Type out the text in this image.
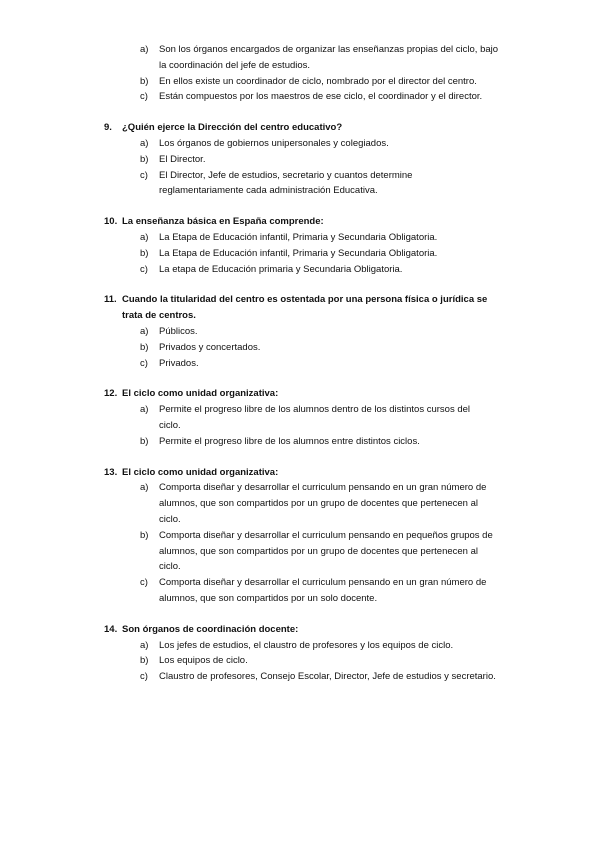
a)	Son los órganos encargados de organizar las enseñanzas propias del ciclo, bajo
la coordinación del jefe de estudios.
b)	En ellos existe un coordinador de ciclo, nombrado por el director del centro.
c)	Están compuestos por los maestros de ese ciclo, el coordinador y el director.
9. ¿Quién ejerce la Dirección del centro educativo?
a)	Los órganos de gobiernos unipersonales y colegiados.
b)	El Director.
c)	El Director, Jefe de estudios, secretario y cuantos determine
reglamentariamente cada administración Educativa.
10. La enseñanza básica en España comprende:
a)	La Etapa de Educación infantil, Primaria y Secundaria Obligatoria.
b)	La Etapa de Educación infantil, Primaria y Secundaria Obligatoria.
c)	La etapa de Educación primaria y Secundaria Obligatoria.
11. Cuando la titularidad del centro es ostentada por una persona física o jurídica se
trata de centros.
a)	Públicos.
b)	Privados y concertados.
c)	Privados.
12. El ciclo como unidad organizativa:
a)	Permite el progreso libre de los alumnos dentro de los distintos cursos del
ciclo.
b)	Permite el progreso libre de los alumnos entre distintos ciclos.
13. El ciclo como unidad organizativa:
a)	Comporta diseñar y desarrollar el curriculum pensando en un gran número de
alumnos, que son compartidos por un grupo de docentes que pertenecen al
ciclo.
b)	Comporta diseñar y desarrollar el curriculum pensando en pequeños grupos de
alumnos, que son compartidos por un grupo de docentes que pertenecen al
ciclo.
c)	Comporta diseñar y desarrollar el curriculum pensando en un gran número de
alumnos, que son compartidos por un solo docente.
14. Son órganos de coordinación docente:
a)	Los jefes de estudios, el claustro de profesores y los equipos de ciclo.
b)	Los equipos de ciclo.
c)	Claustro de profesores, Consejo Escolar, Director, Jefe de estudios y secretario.
